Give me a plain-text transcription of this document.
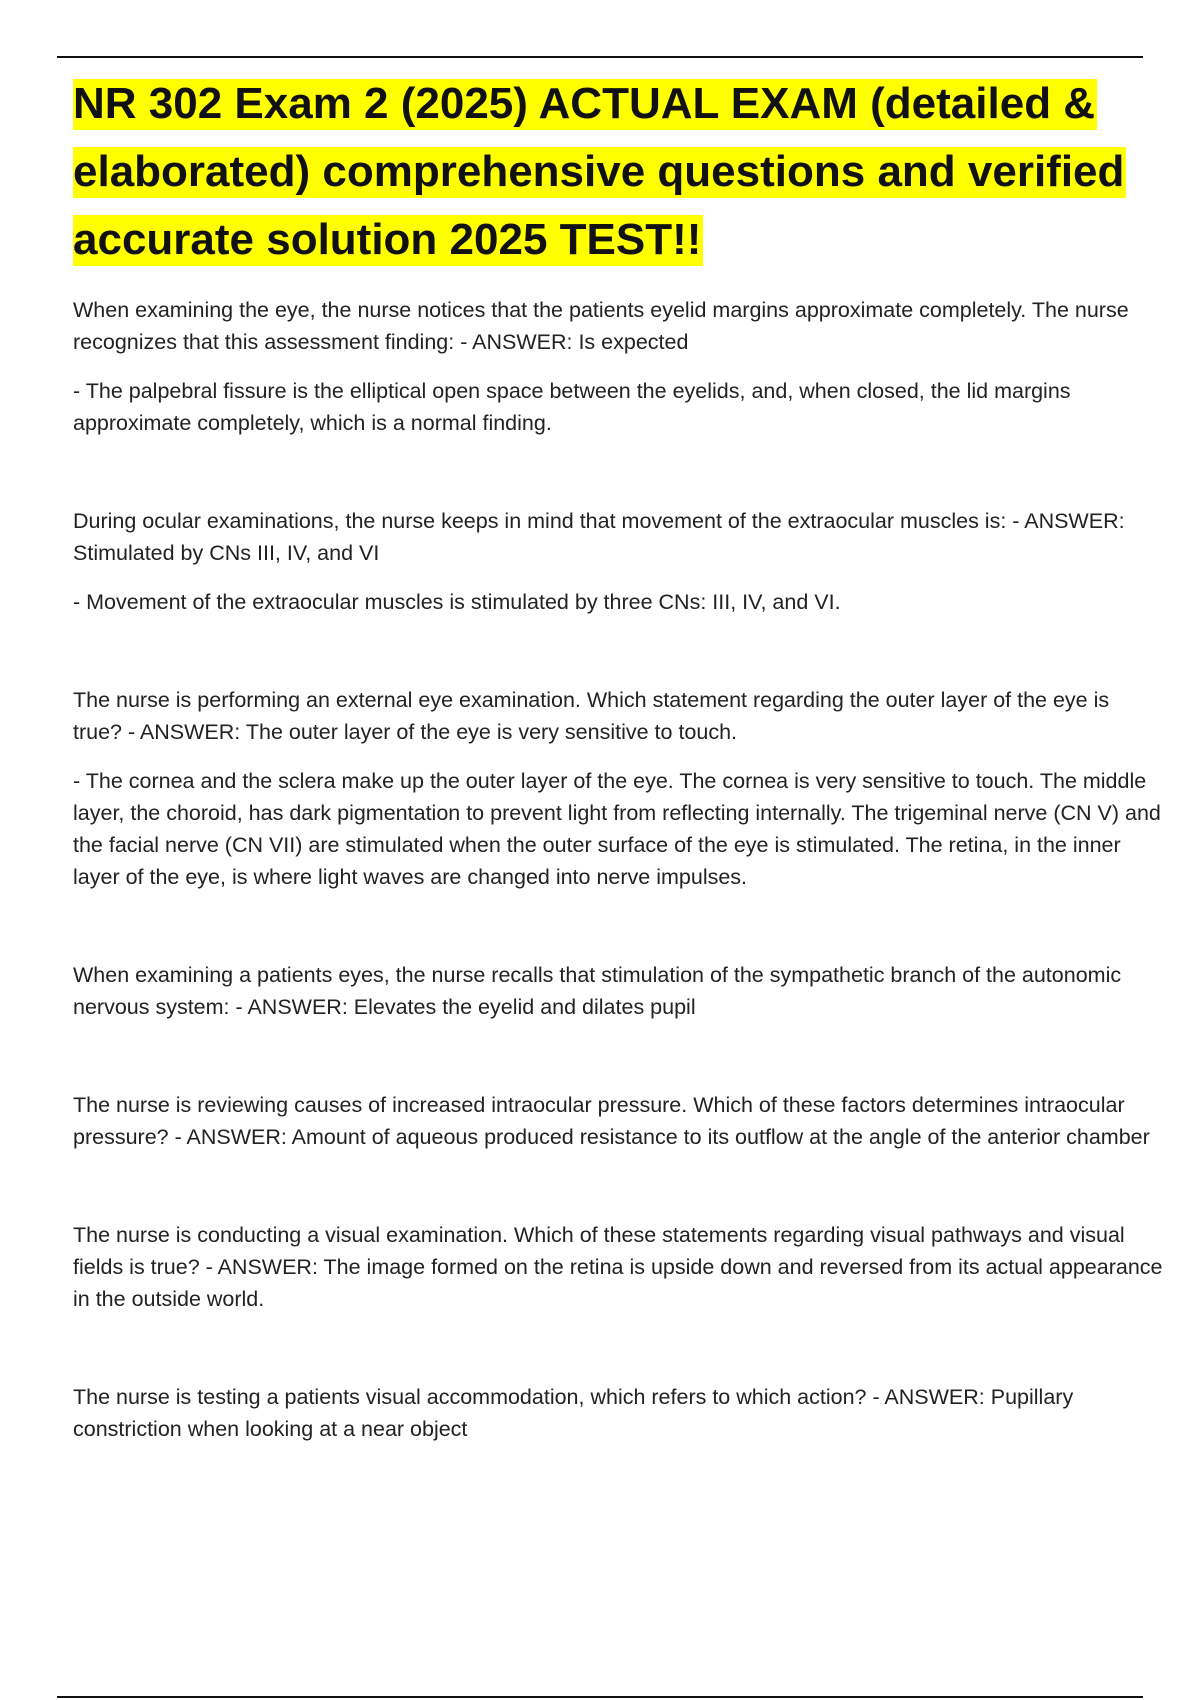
NR 302 Exam 2 (2025) ACTUAL EXAM (detailed & elaborated) comprehensive questions and verified accurate solution 2025 TEST!!

When examining the eye, the nurse notices that the patients eyelid margins approximate completely. The nurse recognizes that this assessment finding: - ANSWER: Is expected

- The palpebral fissure is the elliptical open space between the eyelids, and, when closed, the lid margins approximate completely, which is a normal finding.

During ocular examinations, the nurse keeps in mind that movement of the extraocular muscles is: - ANSWER: Stimulated by CNs III, IV, and VI

- Movement of the extraocular muscles is stimulated by three CNs: III, IV, and VI.

The nurse is performing an external eye examination. Which statement regarding the outer layer of the eye is true? - ANSWER: The outer layer of the eye is very sensitive to touch.

- The cornea and the sclera make up the outer layer of the eye. The cornea is very sensitive to touch. The middle layer, the choroid, has dark pigmentation to prevent light from reflecting internally. The trigeminal nerve (CN V) and the facial nerve (CN VII) are stimulated when the outer surface of the eye is stimulated. The retina, in the inner layer of the eye, is where light waves are changed into nerve impulses.

When examining a patients eyes, the nurse recalls that stimulation of the sympathetic branch of the autonomic nervous system: - ANSWER: Elevates the eyelid and dilates pupil

The nurse is reviewing causes of increased intraocular pressure. Which of these factors determines intraocular pressure? - ANSWER: Amount of aqueous produced resistance to its outflow at the angle of the anterior chamber

The nurse is conducting a visual examination. Which of these statements regarding visual pathways and visual fields is true? - ANSWER: The image formed on the retina is upside down and reversed from its actual appearance in the outside world.

The nurse is testing a patients visual accommodation, which refers to which action? - ANSWER: Pupillary constriction when looking at a near object
